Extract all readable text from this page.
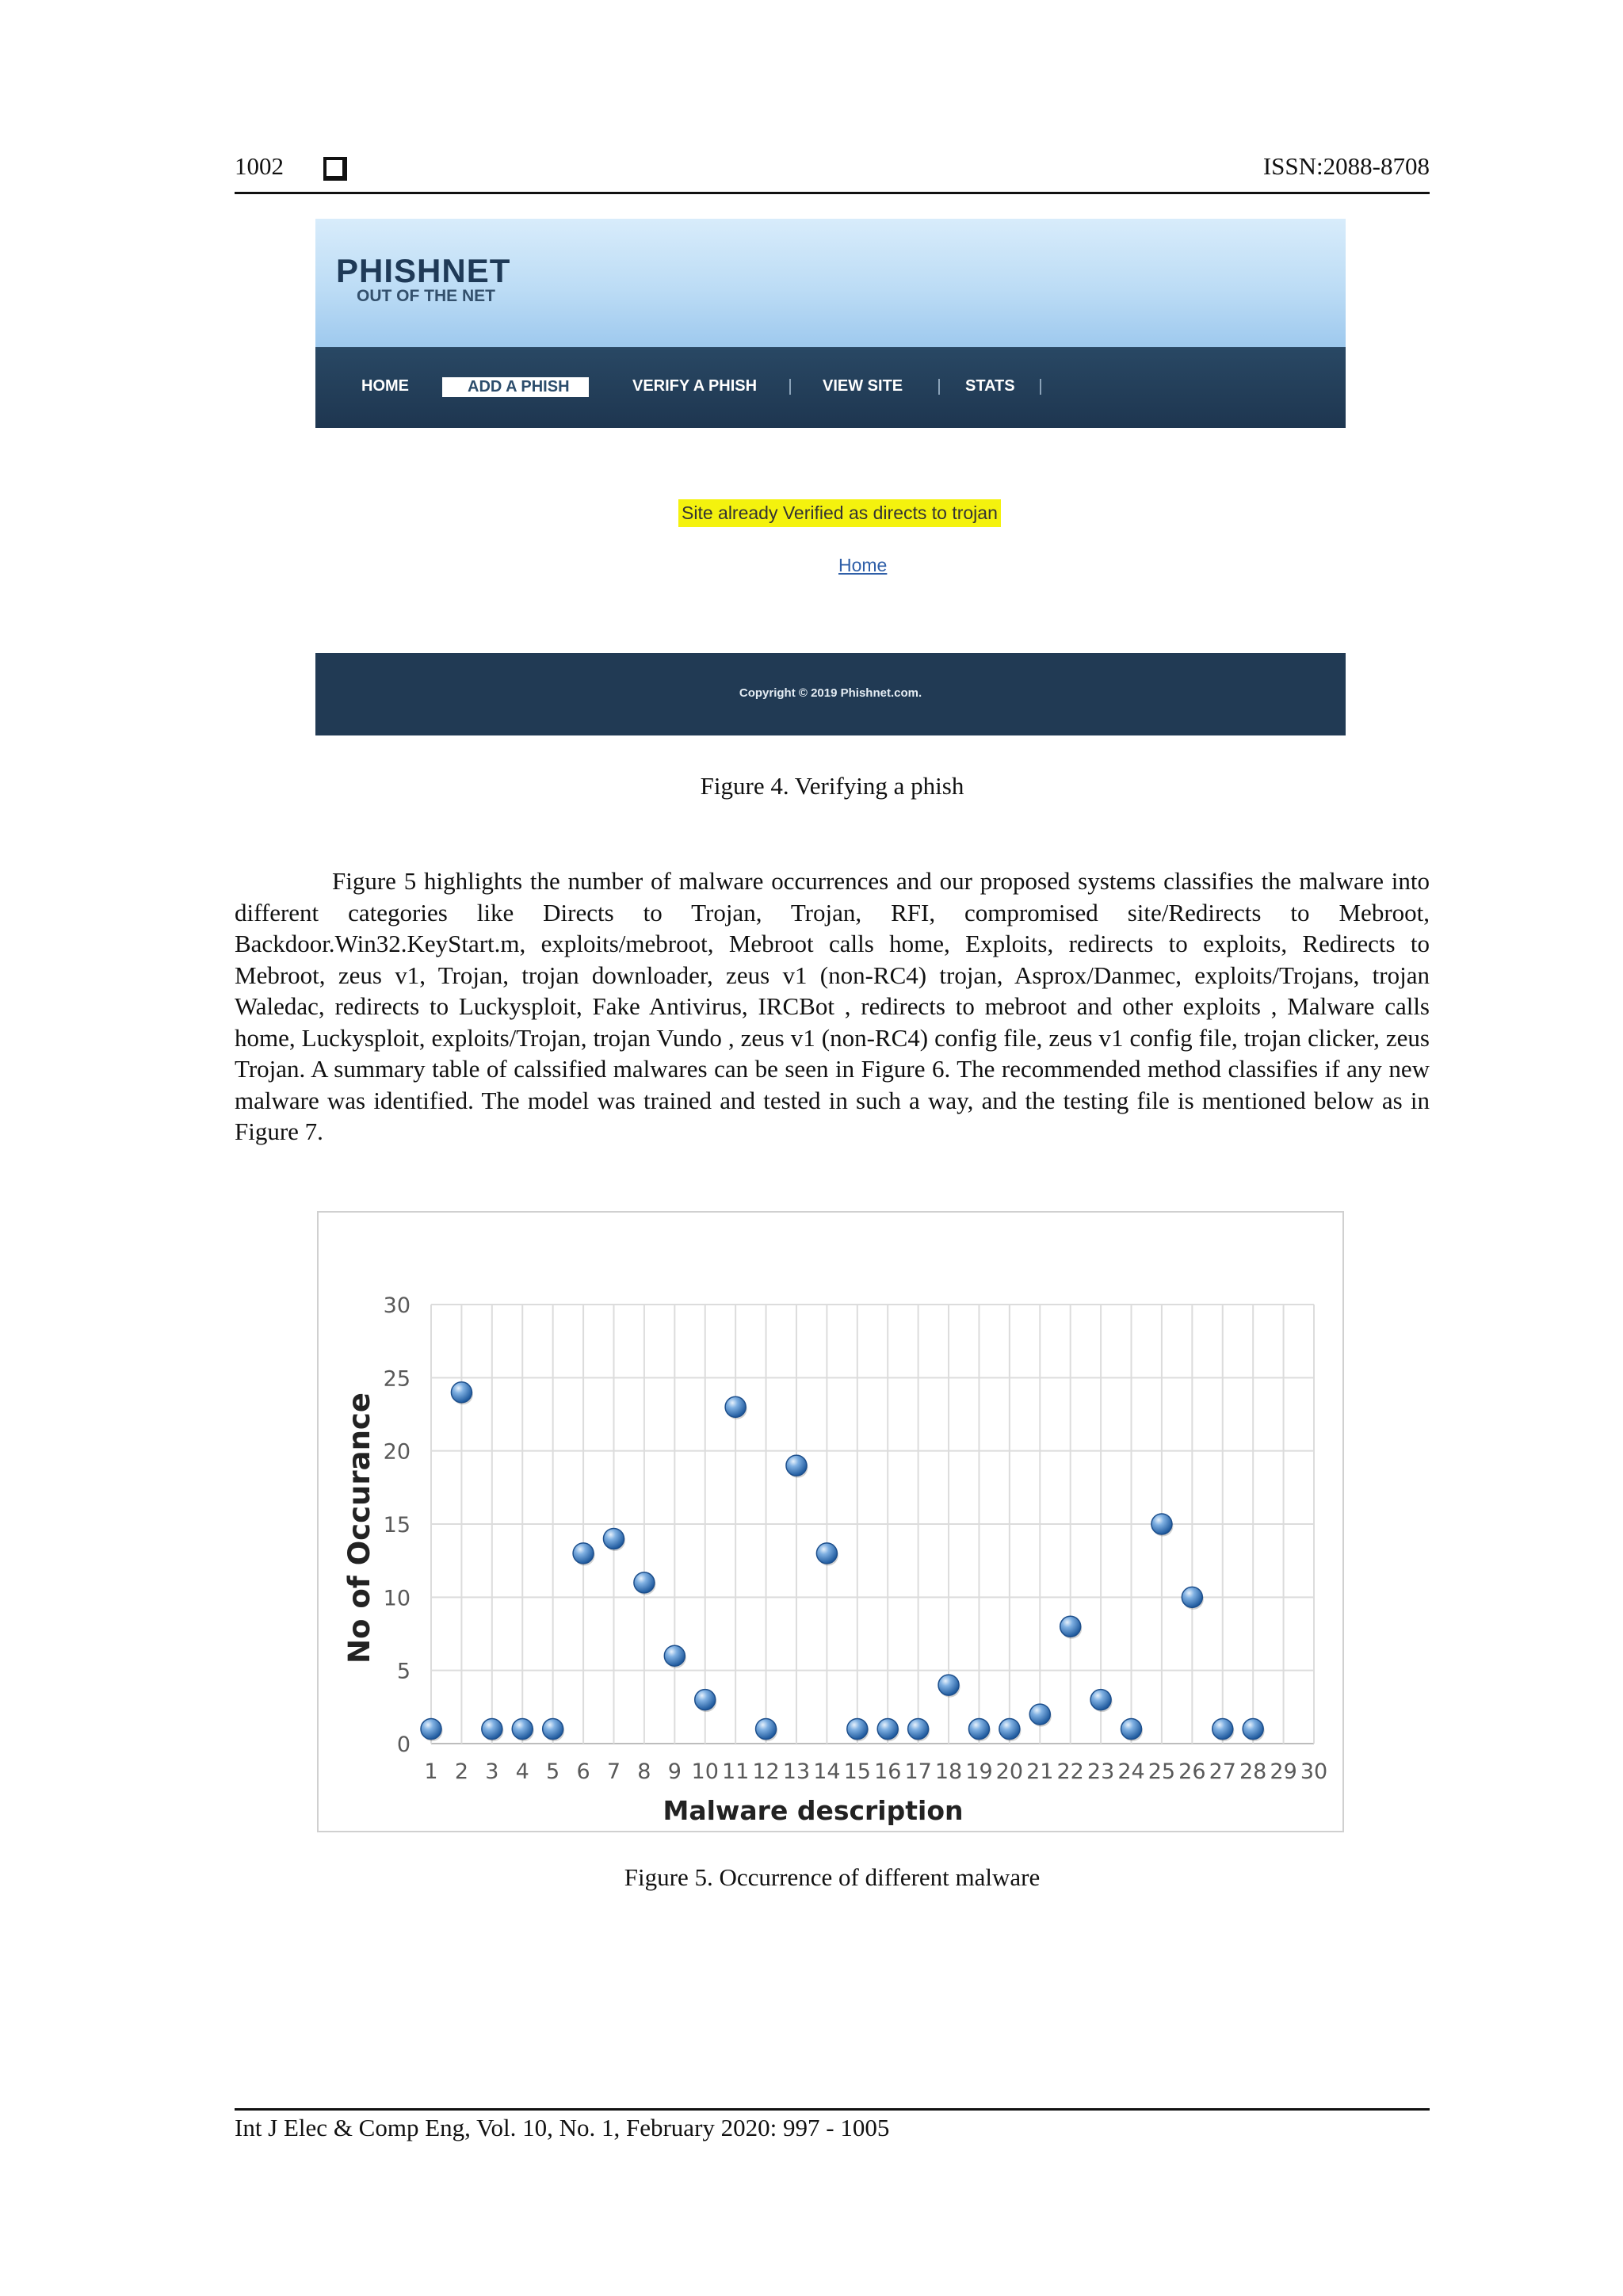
1002	ISSN:2088-8708
PHISHNET
OUT OF THE NET
HOME	ADD A PHISH	VERIFY A PHISH	VIEW SITE	STATS
Site already Verified as directs to trojan
Home
Copyright © 2019 Phishnet.com.
Figure 4. Verifying a phish
Figure 5 highlights the number of malware occurrences and our proposed systems classifies the malware into different categories like Directs to Trojan, Trojan, RFI, compromised site/Redirects to Mebroot, Backdoor.Win32.KeyStart.m, exploits/mebroot, Mebroot calls home, Exploits, redirects to exploits, Redirects to Mebroot, zeus v1, Trojan, trojan downloader, zeus v1 (non-RC4) trojan, Asprox/Danmec, exploits/Trojans, trojan Waledac, redirects to Luckysploit, Fake Antivirus, IRCBot , redirects to mebroot and other exploits , Malware calls home, Luckysploit, exploits/Trojan, trojan Vundo , zeus v1 (non-RC4) config file, zeus v1 config file, trojan clicker, zeus Trojan. A summary table of calssified malwares can be seen in Figure 6. The recommended method classifies if any new malware was identified. The model was trained and tested in such a way, and the testing file is mentioned below as in Figure 7.
0
5
10
15
20
25
30
1 2 3 4 5 6 7 8 9 10 11 12 13 14 15 16 17 18 19 20 21 22 23 24 25 26 27 28 29 30
Malware description
No of Occurance
Figure 5. Occurrence of different malware
Int J Elec & Comp Eng, Vol. 10, No. 1, February 2020: 997 - 1005
